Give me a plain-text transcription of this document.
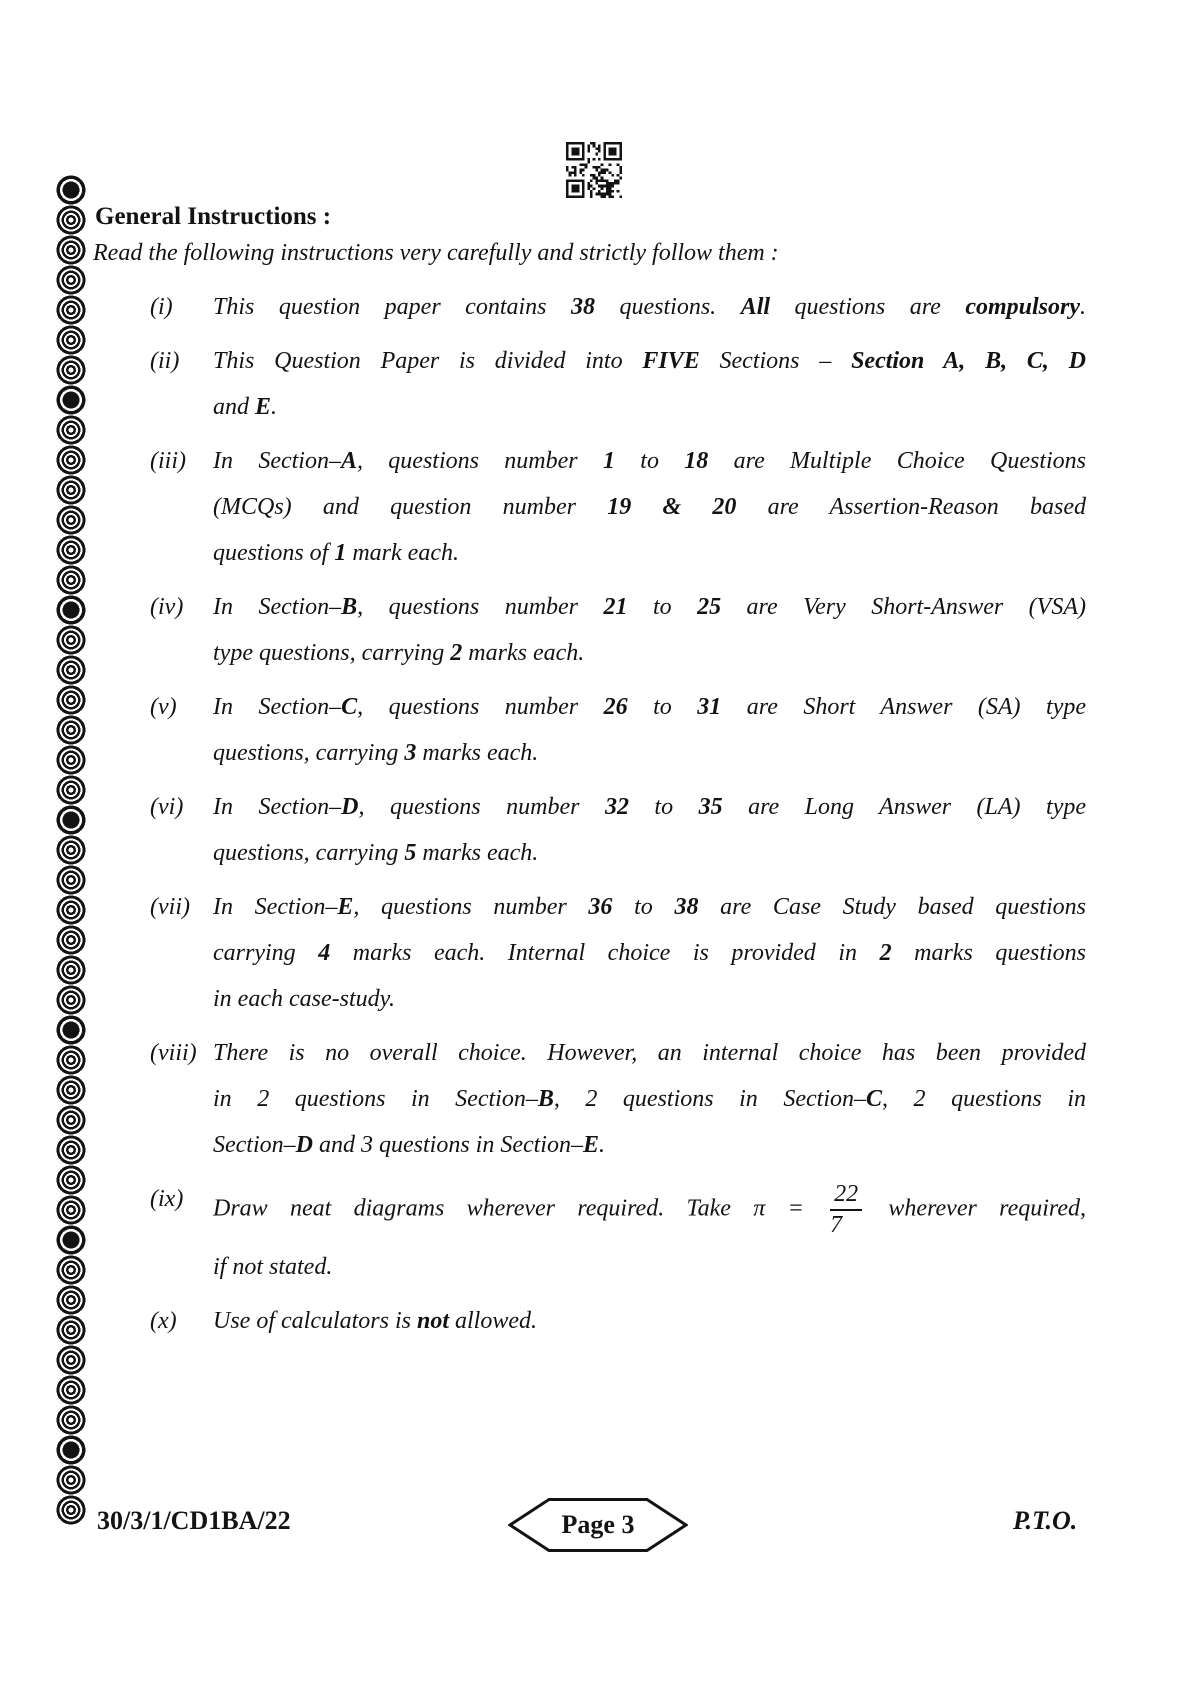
General Instructions :
Read the following instructions very carefully and strictly follow them :
(i) This question paper contains 38 questions. All questions are compulsory.
(ii) This Question Paper is divided into FIVE Sections – Section A, B, C, D
and E.
(iii) In Section–A, questions number 1 to 18 are Multiple Choice Questions
(MCQs) and question number 19 & 20 are Assertion-Reason based
questions of 1 mark each.
(iv) In Section–B, questions number 21 to 25 are Very Short-Answer (VSA)
type questions, carrying 2 marks each.
(v) In Section–C, questions number 26 to 31 are Short Answer (SA) type
questions, carrying 3 marks each.
(vi) In Section–D, questions number 32 to 35 are Long Answer (LA) type
questions, carrying 5 marks each.
(vii) In Section–E, questions number 36 to 38 are Case Study based questions
carrying 4 marks each. Internal choice is provided in 2 marks questions
in each case-study.
(viii) There is no overall choice. However, an internal choice has been provided
in 2 questions in Section–B, 2 questions in Section–C, 2 questions in
Section–D and 3 questions in Section–E.
(ix) Draw neat diagrams wherever required. Take $\pi = \frac{22}{7}$ wherever required,
if not stated.
(x) Use of calculators is not allowed.
30/3/1/CD1BA/22	Page 3	P.T.O.
